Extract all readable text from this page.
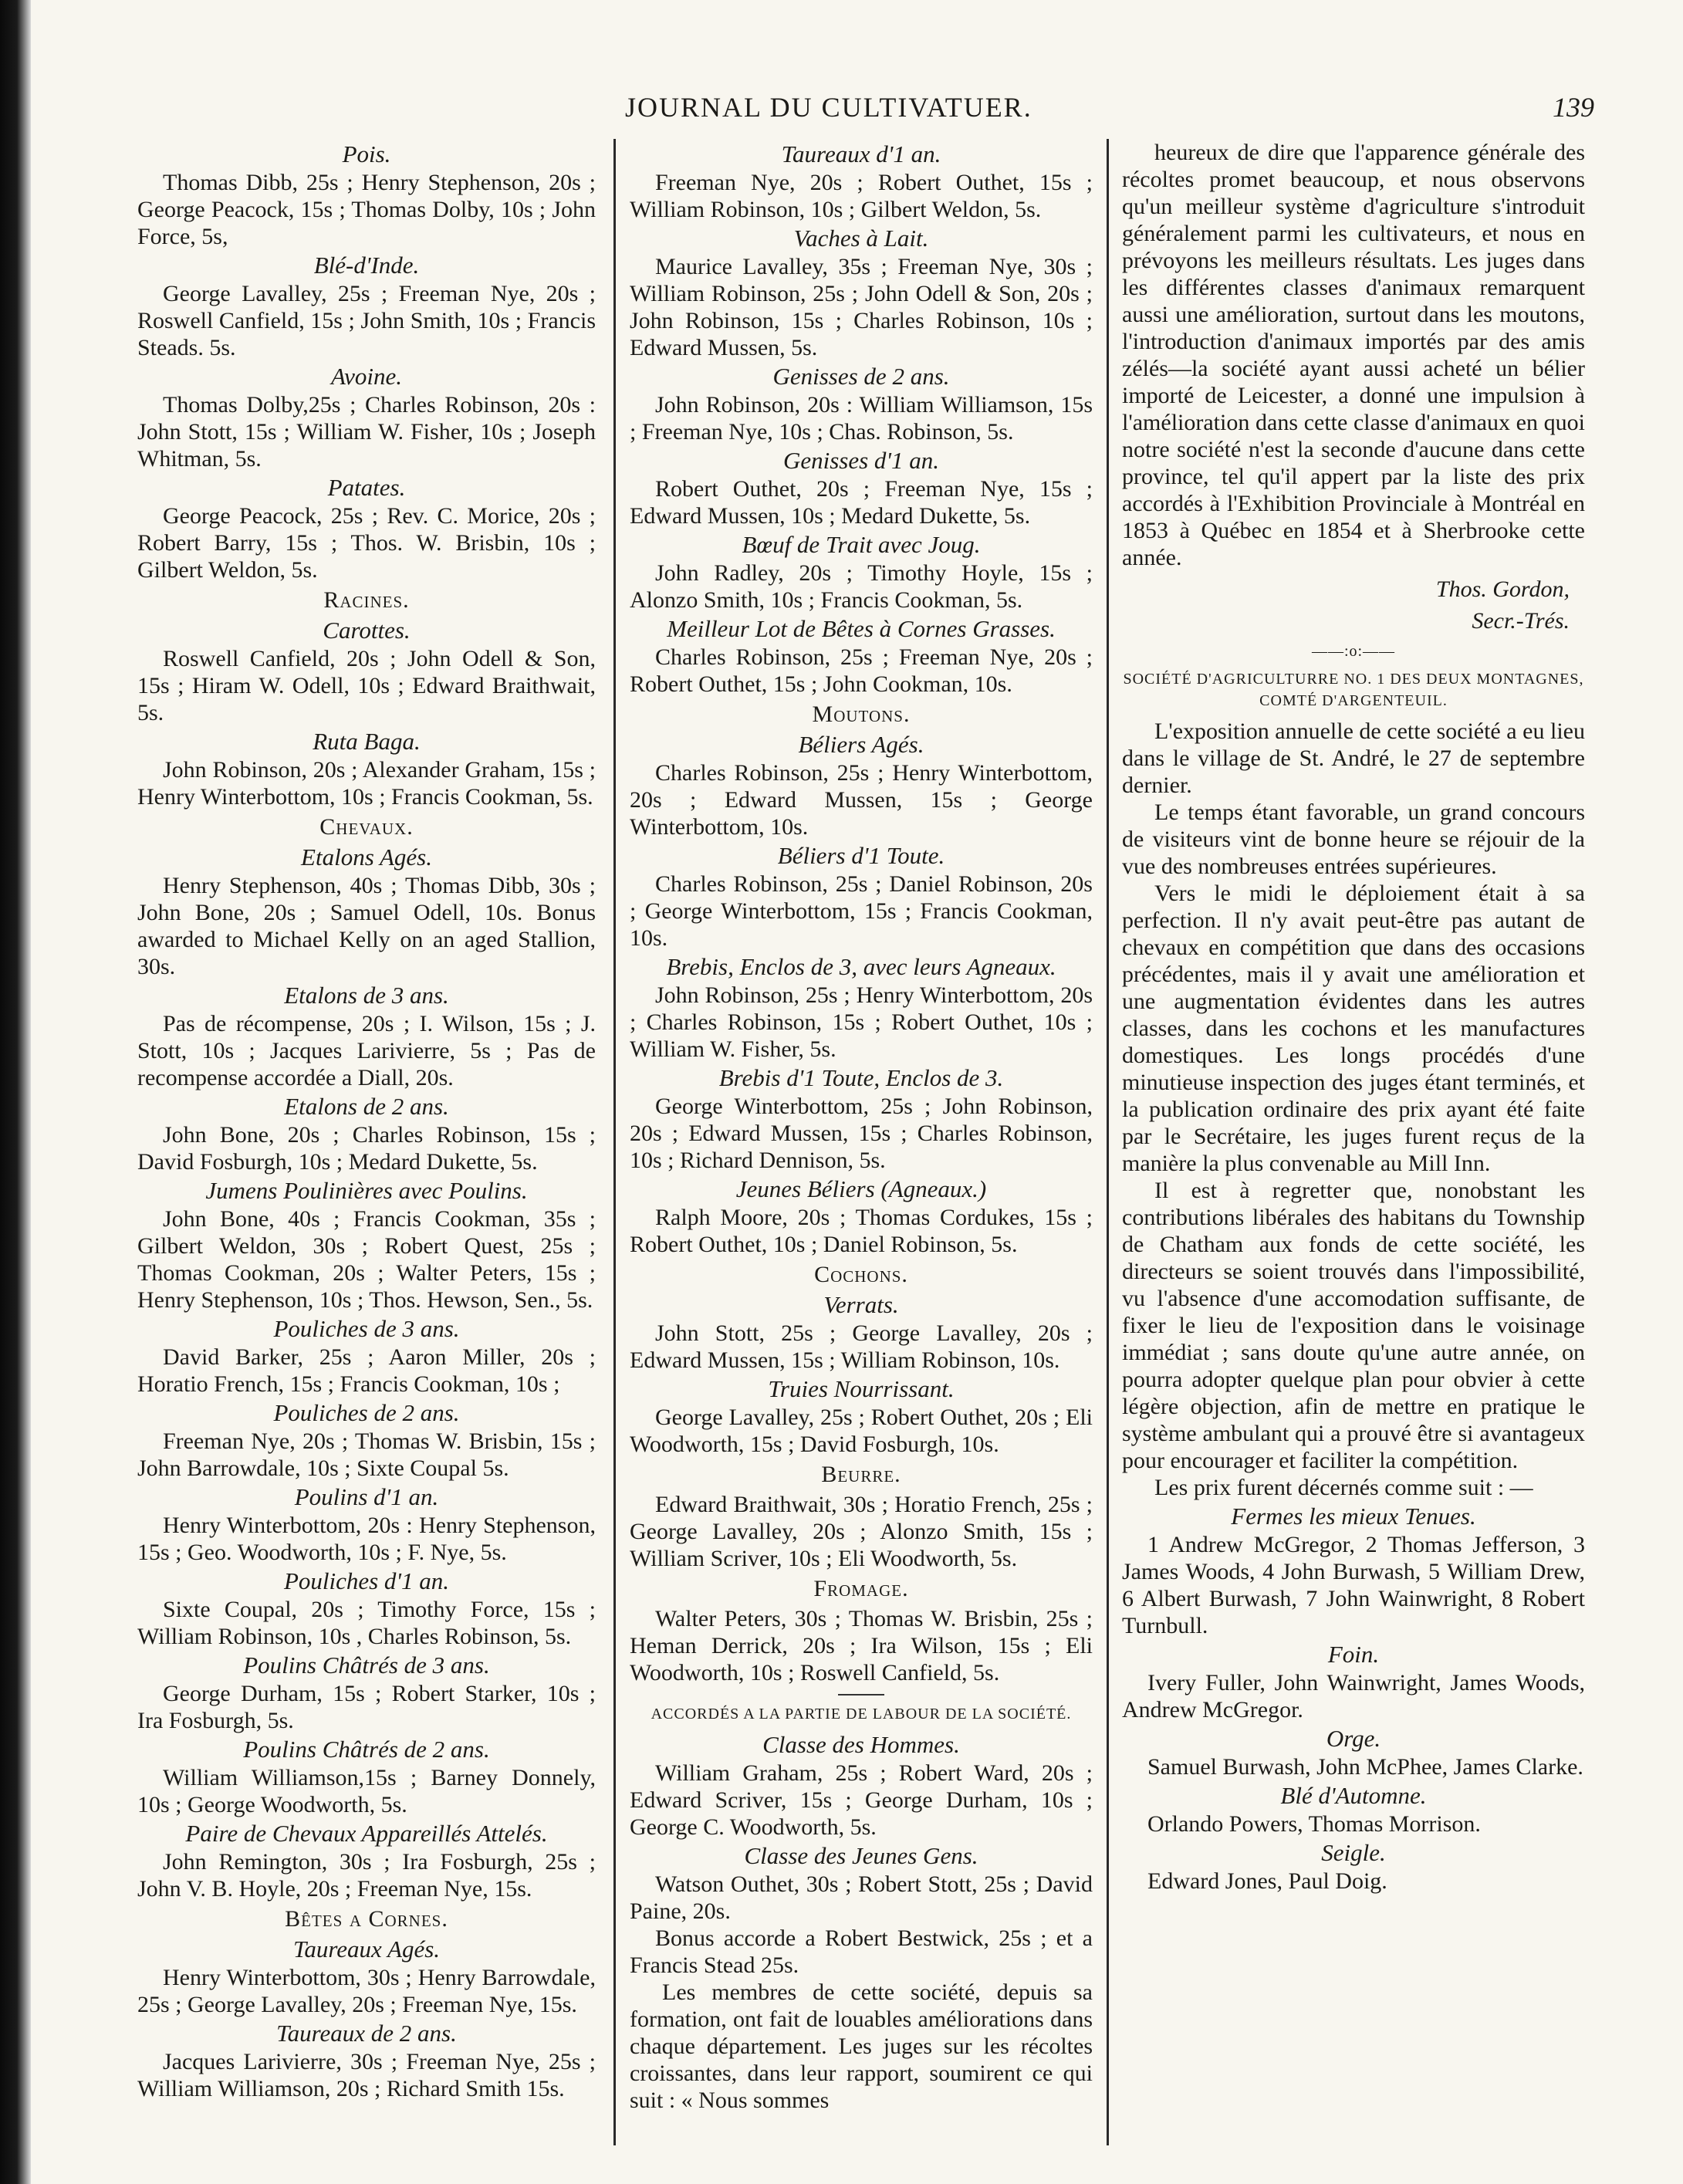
JOURNAL DU CULTIVATUER.	139
Pois.
Thomas Dibb, 25s ; Henry Stephenson, 20s ; George Peacock, 15s ; Thomas Dolby, 10s ; John Force, 5s,
Blé-d'Inde.
George Lavalley, 25s ; Freeman Nye, 20s ; Roswell Canfield, 15s ; John Smith, 10s ; Francis Steads. 5s.
Avoine.
Thomas Dolby,25s ; Charles Robinson, 20s : John Stott, 15s ; William W. Fisher, 10s ; Joseph Whitman, 5s.
Patates.
George Peacock, 25s ; Rev. C. Morice, 20s ; Robert Barry, 15s ; Thos. W. Brisbin, 10s ; Gilbert Weldon, 5s.
Racines.
Carottes.
Roswell Canfield, 20s ; John Odell & Son, 15s ; Hiram W. Odell, 10s ; Edward Braithwait, 5s.
Ruta Baga.
John Robinson, 20s ; Alexander Graham, 15s ; Henry Winterbottom, 10s ; Francis Cookman, 5s.
Chevaux.
Etalons Agés.
Henry Stephenson, 40s ; Thomas Dibb, 30s ; John Bone, 20s ; Samuel Odell, 10s. Bonus awarded to Michael Kelly on an aged Stallion, 30s.
Etalons de 3 ans.
Pas de récompense, 20s ; I. Wilson, 15s ; J. Stott, 10s ; Jacques Larivierre, 5s ; Pas de recompense accordée a Diall, 20s.
Etalons de 2 ans.
John Bone, 20s ; Charles Robinson, 15s ; David Fosburgh, 10s ; Medard Dukette, 5s.
Jumens Poulinières avec Poulins.
John Bone, 40s ; Francis Cookman, 35s ; Gilbert Weldon, 30s ; Robert Quest, 25s ; Thomas Cookman, 20s ; Walter Peters, 15s ; Henry Stephenson, 10s ; Thos. Hewson, Sen., 5s.
Pouliches de 3 ans.
David Barker, 25s ; Aaron Miller, 20s ; Horatio French, 15s ; Francis Cookman, 10s ;
Pouliches de 2 ans.
Freeman Nye, 20s ; Thomas W. Brisbin, 15s ; John Barrowdale, 10s ; Sixte Coupal 5s.
Poulins d'1 an.
Henry Winterbottom, 20s : Henry Stephenson, 15s ; Geo. Woodworth, 10s ; F. Nye, 5s.
Pouliches d'1 an.
Sixte Coupal, 20s ; Timothy Force, 15s ; William Robinson, 10s , Charles Robinson, 5s.
Poulins Châtrés de 3 ans.
George Durham, 15s ; Robert Starker, 10s ; Ira Fosburgh, 5s.
Poulins Châtrés de 2 ans.
William Williamson,15s ; Barney Donnely, 10s ; George Woodworth, 5s.
Paire de Chevaux Appareillés Attelés.
John Remington, 30s ; Ira Fosburgh, 25s ; John V. B. Hoyle, 20s ; Freeman Nye, 15s.
Bêtes a Cornes.
Taureaux Agés.
Henry Winterbottom, 30s ; Henry Barrowdale, 25s ; George Lavalley, 20s ; Freeman Nye, 15s.
Taureaux de 2 ans.
Jacques Larivierre, 30s ; Freeman Nye, 25s ; William Williamson, 20s ; Richard Smith 15s.
Taureaux d'1 an.
Freeman Nye, 20s ; Robert Outhet, 15s ; William Robinson, 10s ; Gilbert Weldon, 5s.
Vaches à Lait.
Maurice Lavalley, 35s ; Freeman Nye, 30s ; William Robinson, 25s ; John Odell & Son, 20s ; John Robinson, 15s ; Charles Robinson, 10s ; Edward Mussen, 5s.
Genisses de 2 ans.
John Robinson, 20s : William Williamson, 15s ; Freeman Nye, 10s ; Chas. Robinson, 5s.
Genisses d'1 an.
Robert Outhet, 20s ; Freeman Nye, 15s ; Edward Mussen, 10s ; Medard Dukette, 5s.
Bœuf de Trait avec Joug.
John Radley, 20s ; Timothy Hoyle, 15s ; Alonzo Smith, 10s ; Francis Cookman, 5s.
Meilleur Lot de Bêtes à Cornes Grasses.
Charles Robinson, 25s ; Freeman Nye, 20s ; Robert Outhet, 15s ; John Cookman, 10s.
Moutons.
Béliers Agés.
Charles Robinson, 25s ; Henry Winterbottom, 20s ; Edward Mussen, 15s ; George Winterbottom, 10s.
Béliers d'1 Toute.
Charles Robinson, 25s ; Daniel Robinson, 20s ; George Winterbottom, 15s ; Francis Cookman, 10s.
Brebis, Enclos de 3, avec leurs Agneaux.
John Robinson, 25s ; Henry Winterbottom, 20s ; Charles Robinson, 15s ; Robert Outhet, 10s ; William W. Fisher, 5s.
Brebis d'1 Toute, Enclos de 3.
George Winterbottom, 25s ; John Robinson, 20s ; Edward Mussen, 15s ; Charles Robinson, 10s ; Richard Dennison, 5s.
Jeunes Béliers (Agneaux.)
Ralph Moore, 20s ; Thomas Cordukes, 15s ; Robert Outhet, 10s ; Daniel Robinson, 5s.
Cochons.
Verrats.
John Stott, 25s ; George Lavalley, 20s ; Edward Mussen, 15s ; William Robinson, 10s.
Truies Nourrissant.
George Lavalley, 25s ; Robert Outhet, 20s ; Eli Woodworth, 15s ; David Fosburgh, 10s.
Beurre.
Edward Braithwait, 30s ; Horatio French, 25s ; George Lavalley, 20s ; Alonzo Smith, 15s ; William Scriver, 10s ; Eli Woodworth, 5s.
Fromage.
Walter Peters, 30s ; Thomas W. Brisbin, 25s ; Heman Derrick, 20s ; Ira Wilson, 15s ; Eli Woodworth, 10s ; Roswell Canfield, 5s.
ACCORDÉS A LA PARTIE DE LABOUR DE LA SOCIÉTÉ.
Classe des Hommes.
William Graham, 25s ; Robert Ward, 20s ; Edward Scriver, 15s ; George Durham, 10s ; George C. Woodworth, 5s.
Classe des Jeunes Gens.
Watson Outhet, 30s ; Robert Stott, 25s ; David Paine, 20s.
Bonus accorde a Robert Bestwick, 25s ; et a Francis Stead 25s.
Les membres de cette société, depuis sa formation, ont fait de louables améliorations dans chaque département. Les juges sur les récoltes croissantes, dans leur rapport, soumirent ce qui suit : « Nous sommes
heureux de dire que l'apparence générale des récoltes promet beaucoup, et nous observons qu'un meilleur système d'agriculture s'introduit généralement parmi les cultivateurs, et nous en prévoyons les meilleurs résultats. Les juges dans les différentes classes d'animaux remarquent aussi une amélioration, surtout dans les moutons, l'introduction d'animaux importés par des amis zélés—la société ayant aussi acheté un bélier importé de Leicester, a donné une impulsion à l'amélioration dans cette classe d'animaux en quoi notre société n'est la seconde d'aucune dans cette province, tel qu'il appert par la liste des prix accordés à l'Exhibition Provinciale à Montréal en 1853 à Québec en 1854 et à Sherbrooke cette année.
Thos. Gordon,
Secr.-Trés.
——:o:——
SOCIÉTÉ D'AGRICULTURRE NO. 1 DES DEUX MONTAGNES, COMTÉ D'ARGENTEUIL.
L'exposition annuelle de cette société a eu lieu dans le village de St. André, le 27 de septembre dernier.
Le temps étant favorable, un grand concours de visiteurs vint de bonne heure se réjouir de la vue des nombreuses entrées supérieures.
Vers le midi le déploiement était à sa perfection. Il n'y avait peut-être pas autant de chevaux en compétition que dans des occasions précédentes, mais il y avait une amélioration et une augmentation évidentes dans les autres classes, dans les cochons et les manufactures domestiques. Les longs procédés d'une minutieuse inspection des juges étant terminés, et la publication ordinaire des prix ayant été faite par le Secrétaire, les juges furent reçus de la manière la plus convenable au Mill Inn.
Il est à regretter que, nonobstant les contributions libérales des habitans du Township de Chatham aux fonds de cette société, les directeurs se soient trouvés dans l'impossibilité, vu l'absence d'une accomodation suffisante, de fixer le lieu de l'exposition dans le voisinage immédiat ; sans doute qu'une autre année, on pourra adopter quelque plan pour obvier à cette légère objection, afin de mettre en pratique le système ambulant qui a prouvé être si avantageux pour encourager et faciliter la compétition.
Les prix furent décernés comme suit : —
Fermes les mieux Tenues.
1 Andrew McGregor, 2 Thomas Jefferson, 3 James Woods, 4 John Burwash, 5 William Drew, 6 Albert Burwash, 7 John Wainwright, 8 Robert Turnbull.
Foin.
Ivery Fuller, John Wainwright, James Woods, Andrew McGregor.
Orge.
Samuel Burwash, John McPhee, James Clarke.
Blé d'Automne.
Orlando Powers, Thomas Morrison.
Seigle.
Edward Jones, Paul Doig.
